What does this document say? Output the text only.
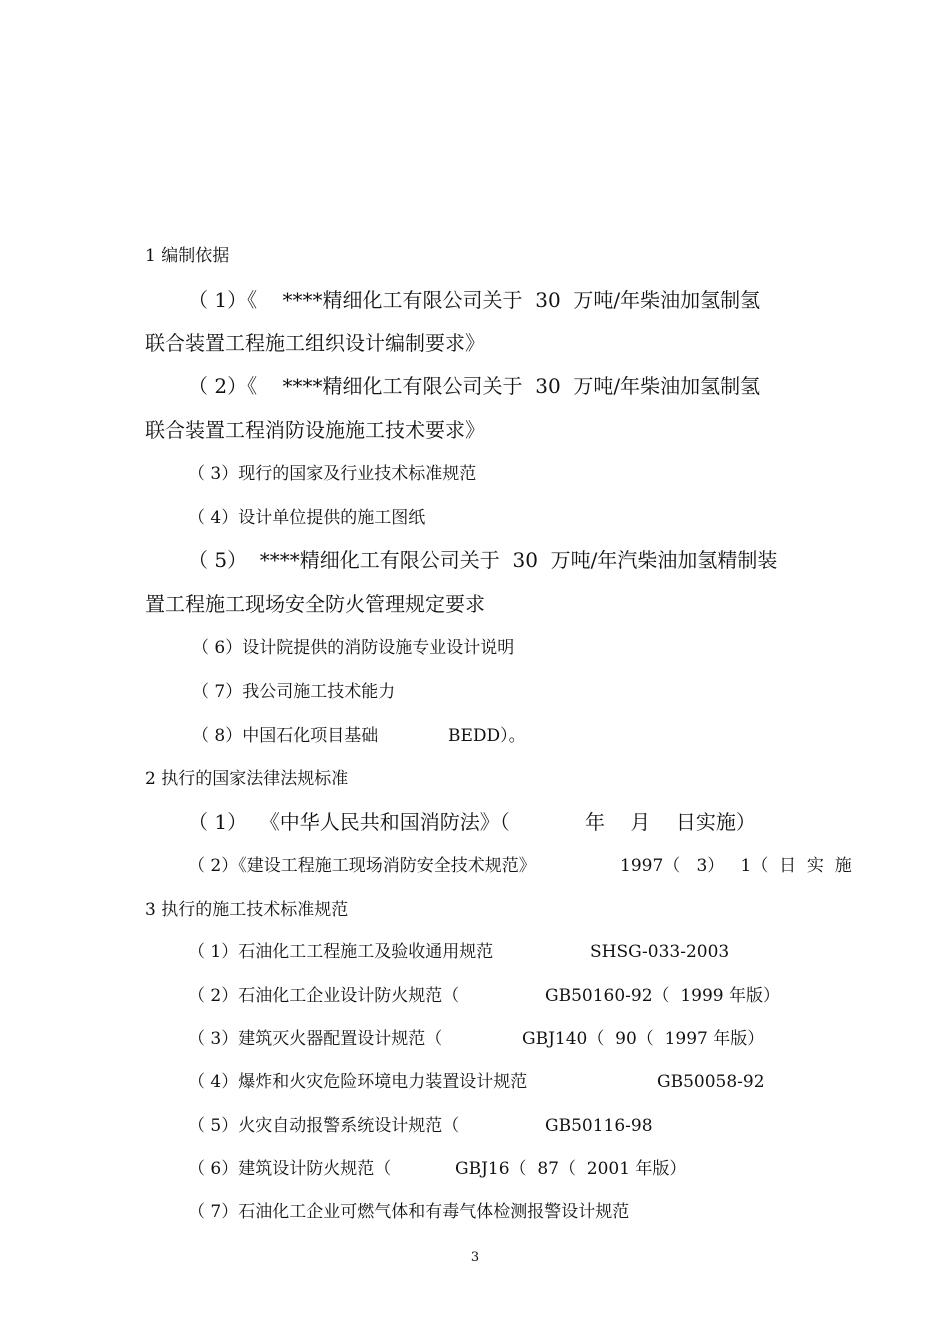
1 编制依据
（ 1）《    ****精细化工有限公司关于  30  万吨/年柴油加氢制氢
联合装置工程施工组织设计编制要求》
（ 2）《    ****精细化工有限公司关于  30  万吨/年柴油加氢制氢
联合装置工程消防设施施工技术要求》
（ 3）现行的国家及行业技术标准规范
（ 4）设计单位提供的施工图纸
（ 5）  ****精细化工有限公司关于  30  万吨/年汽柴油加氢精制装
置工程施工现场安全防火管理规定要求
（ 6）设计院提供的消防设施专业设计说明
（ 7）我公司施工技术能力
（ 8）中国石化项目基础	BEDD）。
2 执行的国家法律法规标准
（ 1）  《中华人民共和国消防法》（	年    月    日实施）
（ 2）《建设工程施工现场消防安全技术规范》	1997（   3）   1（  日  实  施
3 执行的施工技术标准规范
（ 1）石油化工工程施工及验收通用规范	SHSG-033-2003
（ 2）石油化工企业设计防火规范（	GB50160-92（  1999 年版）
（ 3）建筑灭火器配置设计规范（	GBJ140（  90（  1997 年版）
（ 4）爆炸和火灾危险环境电力装置设计规范	GB50058-92
（ 5）火灾自动报警系统设计规范（	GB50116-98
（ 6）建筑设计防火规范（	GBJ16（  87（  2001 年版）
（ 7）石油化工企业可燃气体和有毒气体检测报警设计规范
3
